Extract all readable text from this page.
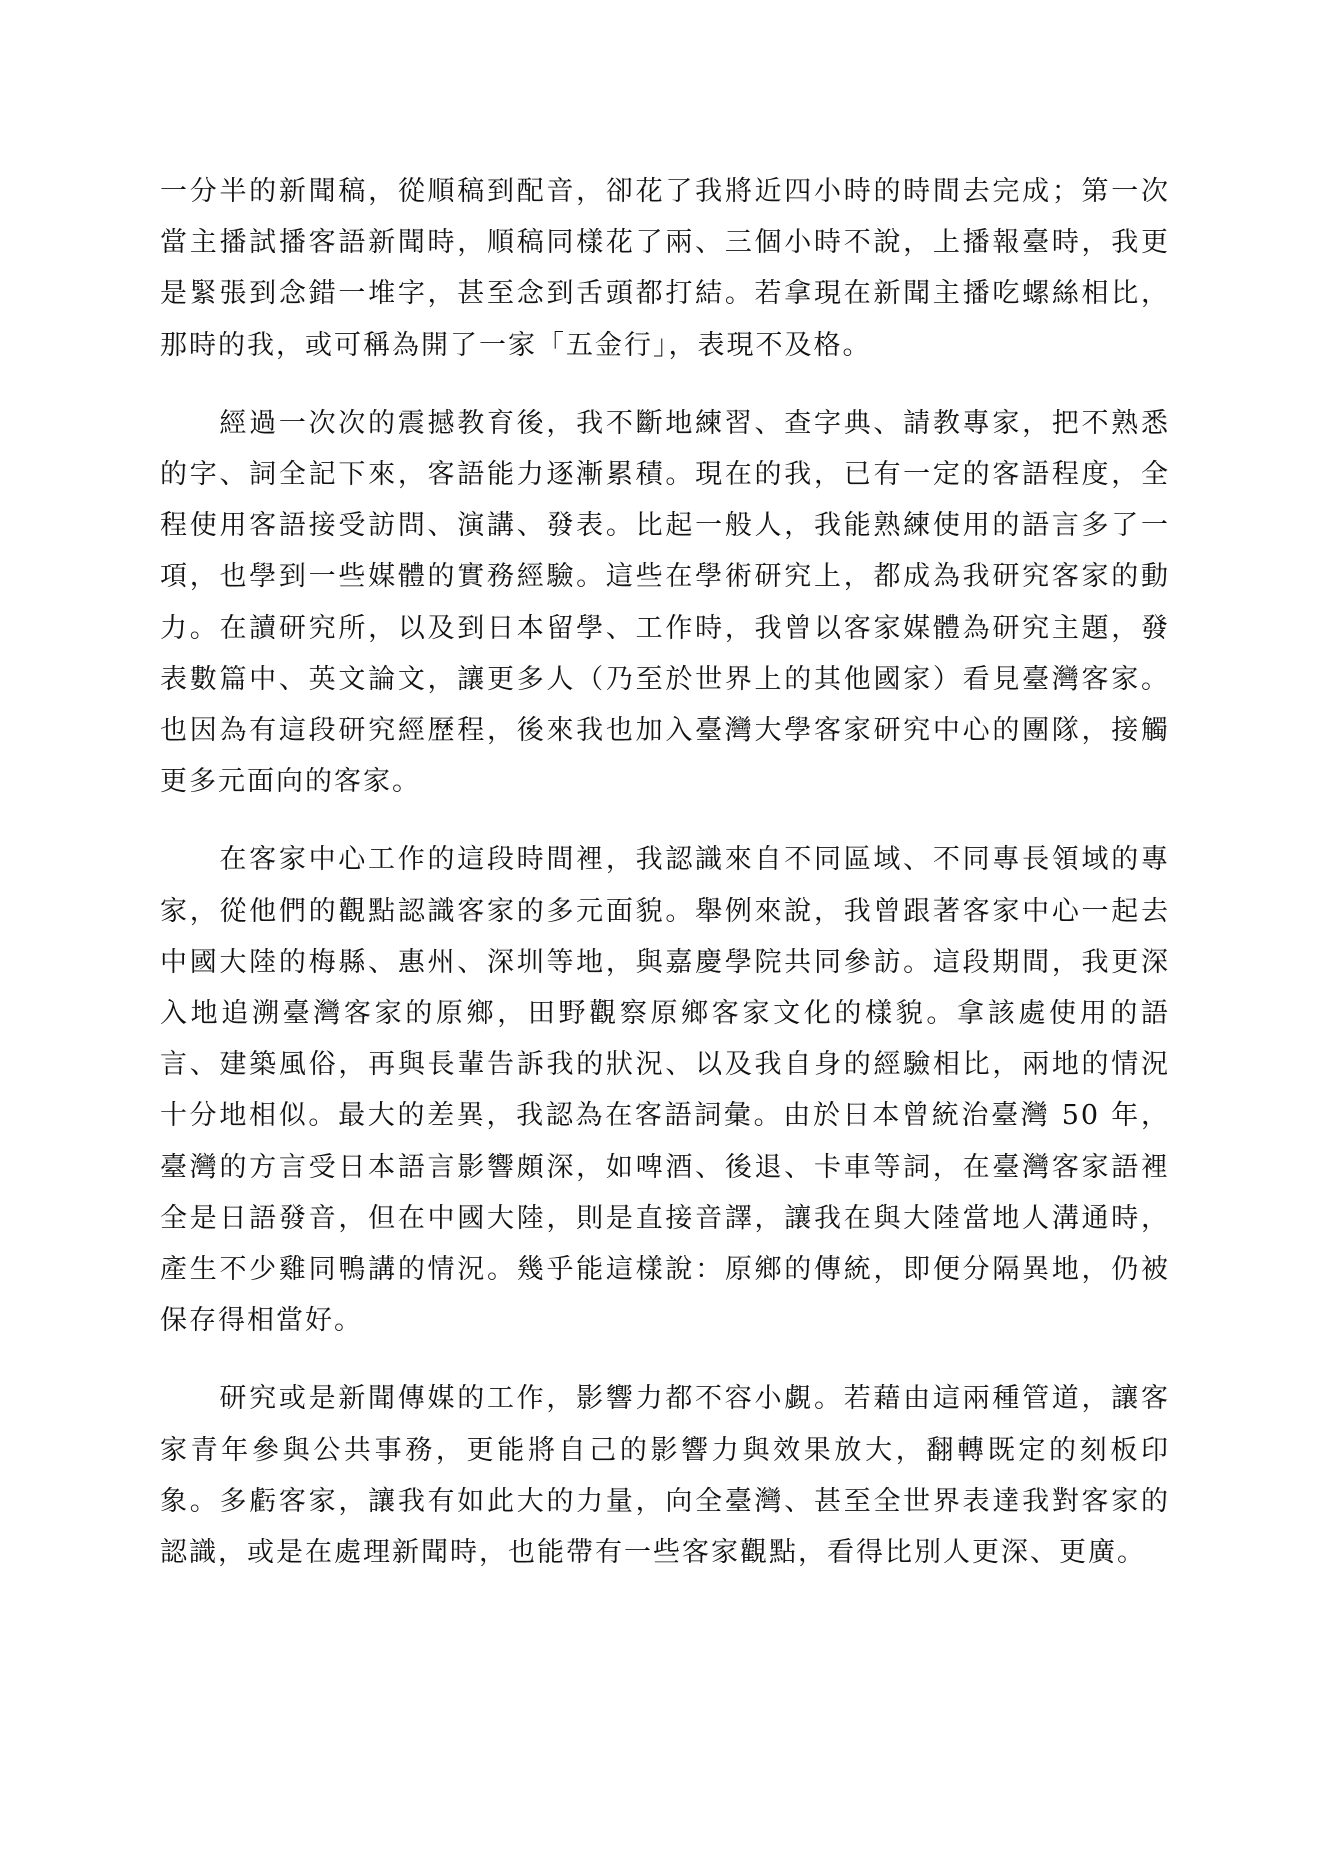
一分半的新聞稿，從順稿到配音，卻花了我將近四小時的時間去完成；第一次當主播試播客語新聞時，順稿同樣花了兩、三個小時不說，上播報臺時，我更是緊張到念錯一堆字，甚至念到舌頭都打結。若拿現在新聞主播吃螺絲相比，那時的我，或可稱為開了一家「五金行」，表現不及格。

經過一次次的震撼教育後，我不斷地練習、查字典、請教專家，把不熟悉的字、詞全記下來，客語能力逐漸累積。現在的我，已有一定的客語程度，全程使用客語接受訪問、演講、發表。比起一般人，我能熟練使用的語言多了一項，也學到一些媒體的實務經驗。這些在學術研究上，都成為我研究客家的動力。在讀研究所，以及到日本留學、工作時，我曾以客家媒體為研究主題，發表數篇中、英文論文，讓更多人（乃至於世界上的其他國家）看見臺灣客家。也因為有這段研究經歷程，後來我也加入臺灣大學客家研究中心的團隊，接觸更多元面向的客家。

在客家中心工作的這段時間裡，我認識來自不同區域、不同專長領域的專家，從他們的觀點認識客家的多元面貌。舉例來說，我曾跟著客家中心一起去中國大陸的梅縣、惠州、深圳等地，與嘉慶學院共同參訪。這段期間，我更深入地追溯臺灣客家的原鄉，田野觀察原鄉客家文化的樣貌。拿該處使用的語言、建築風俗，再與長輩告訴我的狀況、以及我自身的經驗相比，兩地的情況十分地相似。最大的差異，我認為在客語詞彙。由於日本曾統治臺灣 50 年，臺灣的方言受日本語言影響頗深，如啤酒、後退、卡車等詞，在臺灣客家語裡全是日語發音，但在中國大陸，則是直接音譯，讓我在與大陸當地人溝通時，產生不少雞同鴨講的情況。幾乎能這樣說：原鄉的傳統，即便分隔異地，仍被保存得相當好。

研究或是新聞傳媒的工作，影響力都不容小覷。若藉由這兩種管道，讓客家青年參與公共事務，更能將自己的影響力與效果放大，翻轉既定的刻板印象。多虧客家，讓我有如此大的力量，向全臺灣、甚至全世界表達我對客家的認識，或是在處理新聞時，也能帶有一些客家觀點，看得比別人更深、更廣。
